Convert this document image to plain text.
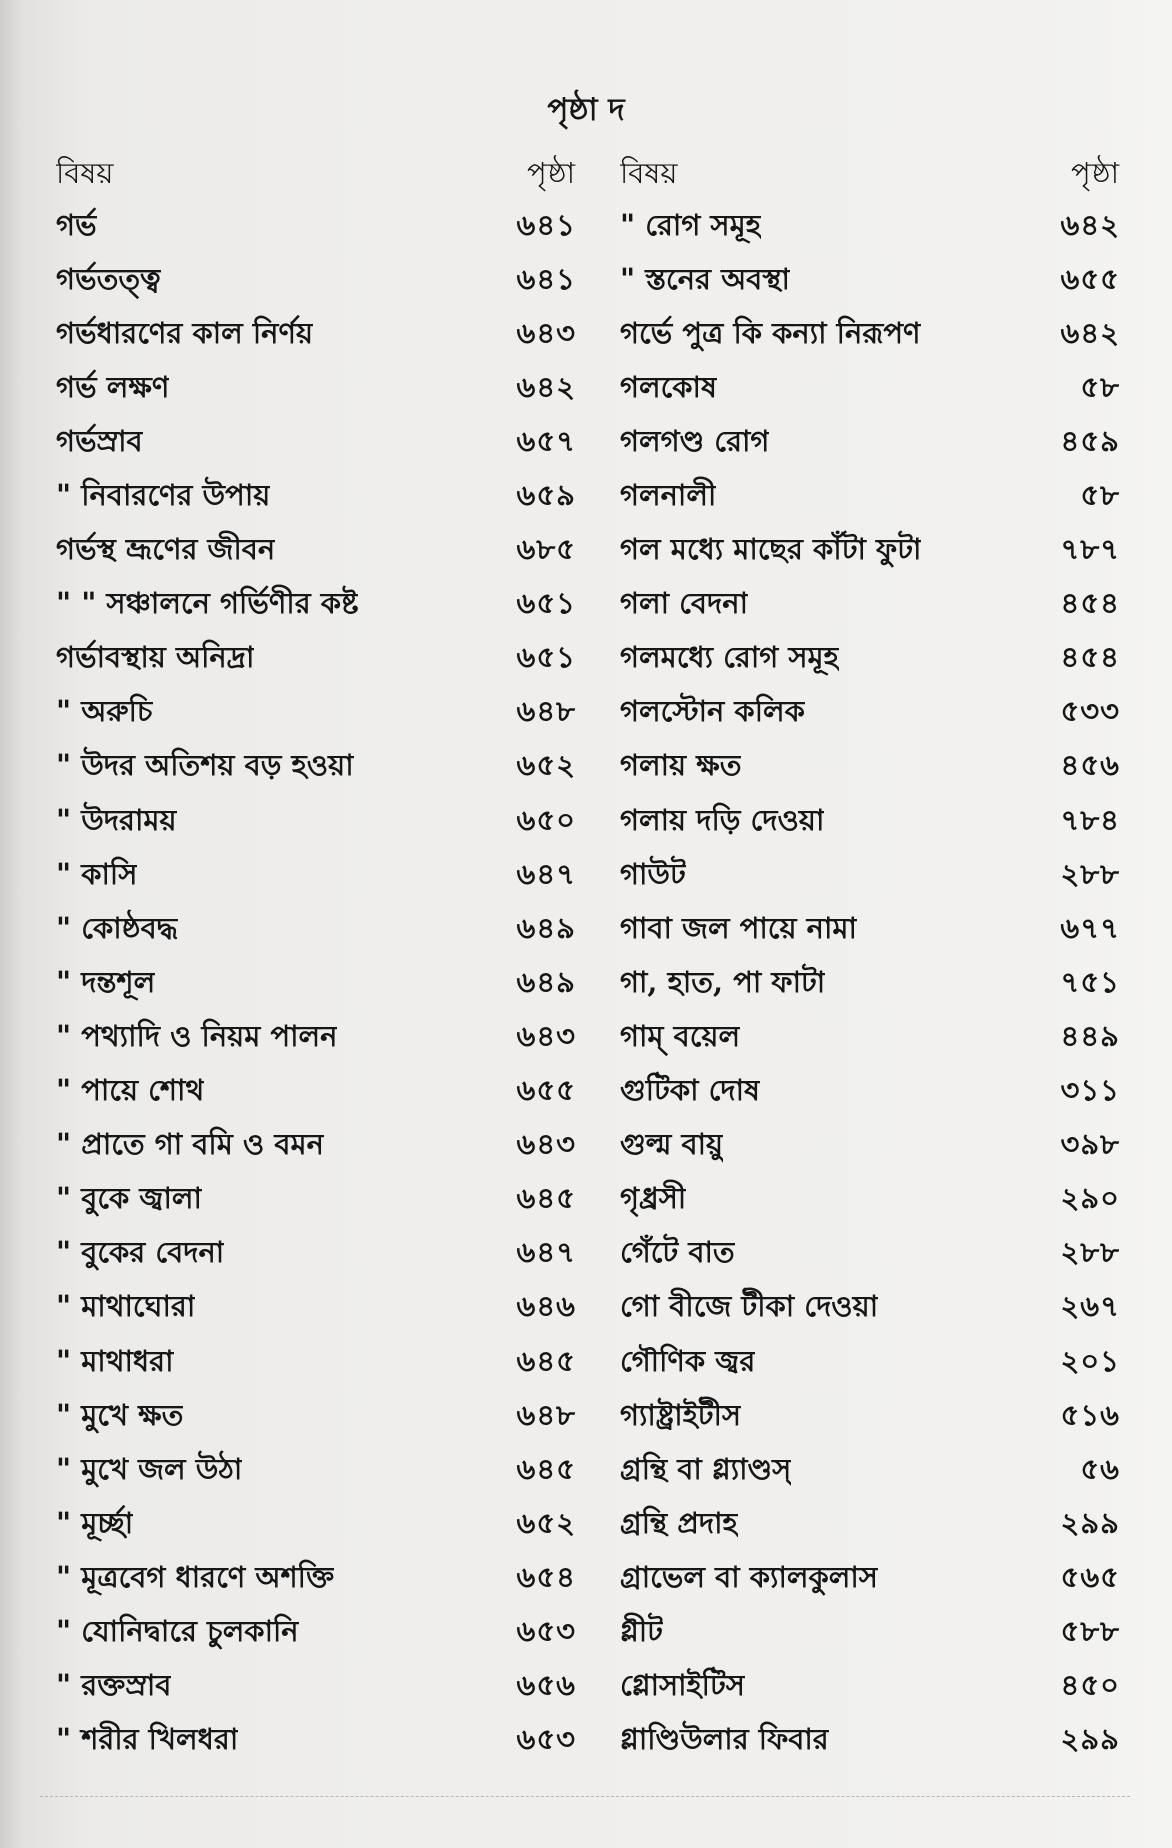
পৃষ্ঠা দ
বিষয়	পৃষ্ঠা
গর্ভ	৬৪১
গর্ভতত্ত্ব	৬৪১
গর্ভধারণের কাল নির্ণয়	৬৪৩
গর্ভ লক্ষণ	৬৪২
গর্ভস্রাব	৬৫৭
" নিবারণের উপায়	৬৫৯
গর্ভস্থ ভ্রূণের জীবন	৬৮৫
" " সঞ্চালনে গর্ভিণীর কষ্ট	৬৫১
গর্ভাবস্থায় অনিদ্রা	৬৫১
" অরুচি	৬৪৮
" উদর অতিশয় বড় হওয়া	৬৫২
" উদরাময়	৬৫০
" কাসি	৬৪৭
" কোষ্ঠবদ্ধ	৬৪৯
" দন্তশূল	৬৪৯
" পথ্যাদি ও নিয়ম পালন	৬৪৩
" পায়ে শোথ	৬৫৫
" প্রাতে গা বমি ও বমন	৬৪৩
" বুকে জ্বালা	৬৪৫
" বুকের বেদনা	৬৪৭
" মাথাঘোরা	৬৪৬
" মাথাধরা	৬৪৫
" মুখে ক্ষত	৬৪৮
" মুখে জল উঠা	৬৪৫
" মূর্চ্ছা	৬৫২
" মূত্রবেগ ধারণে অশক্তি	৬৫৪
" যোনিদ্বারে চুলকানি	৬৫৩
" রক্তস্রাব	৬৫৬
" শরীর খিলধরা	৬৫৩
বিষয়	পৃষ্ঠা
" রোগ সমূহ	৬৪২
" স্তনের অবস্থা	৬৫৫
গর্ভে পুত্র কি কন্যা নিরূপণ	৬৪২
গলকোষ	৫৮
গলগণ্ড রোগ	৪৫৯
গলনালী	৫৮
গল মধ্যে মাছের কাঁটা ফুটা	৭৮৭
গলা বেদনা	৪৫৪
গলমধ্যে রোগ সমূহ	৪৫৪
গলস্টোন কলিক	৫৩৩
গলায় ক্ষত	৪৫৬
গলায় দড়ি দেওয়া	৭৮৪
গাউট	২৮৮
গাবা জল পায়ে নামা	৬৭৭
গা, হাত, পা ফাটা	৭৫১
গাম্ বয়েল	৪৪৯
গুটিকা দোষ	৩১১
গুল্ম বায়ু	৩৯৮
গৃধ্রসী	২৯০
গেঁটে বাত	২৮৮
গো বীজে টীকা দেওয়া	২৬৭
গৌণিক জ্বর	২০১
গ্যাষ্ট্রাইটীস	৫১৬
গ্রন্থি বা গ্ল্যাণ্ডস্	৫৬
গ্রন্থি প্রদাহ	২৯৯
গ্রাভেল বা ক্যালকুলাস	৫৬৫
গ্লীট	৫৮৮
গ্লোসাইটিস	৪৫০
গ্লাণ্ডিউলার ফিবার	২৯৯
